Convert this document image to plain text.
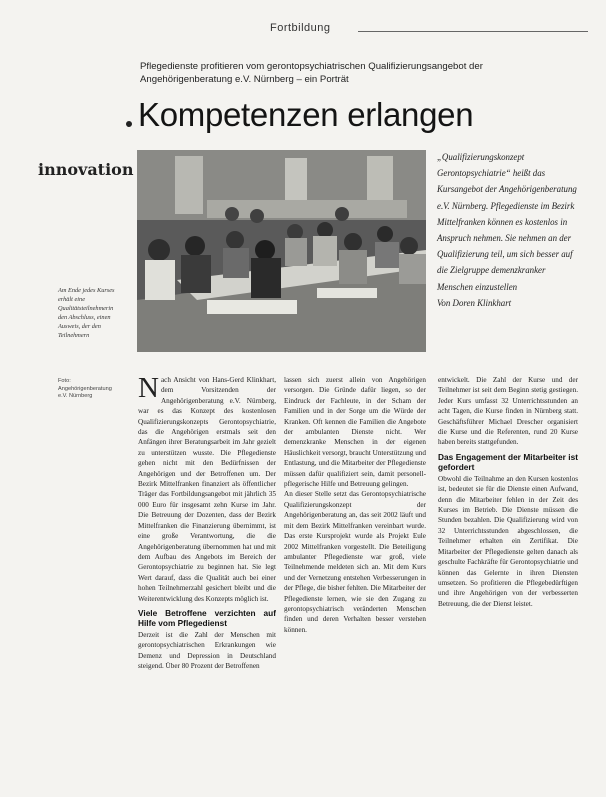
Fortbildung
Pflegedienste profitieren vom gerontopsychiatrischen Qualifizierungsangebot der Angehörigenberatung e.V. Nürnberg – ein Porträt
Kompetenzen erlangen
innovation
Am Ende jedes Kurses erhält eine Qualitätsteilnehmerin den Abschluss, einen Ausweis, der den Teilnehmern
Foto: Angehörigenberatung e.V. Nürnberg
„Qualifizierungskonzept Gerontopsychiatrie“ heißt das Kursangebot der Angehörigenberatung e.V. Nürnberg. Pflegedienste im Bezirk Mittelfranken können es kostenlos in Anspruch nehmen. Sie nehmen an der Qualifizierung teil, um sich besser auf die Zielgruppe demenzkranker Menschen einzustellen
Von Doren Klinkhart

Nach Ansicht von Hans-Gerd Klinkhart, dem Vorsitzenden der Angehörigenberatung e.V. Nürnberg, war es das Konzept des kostenlosen Qualifizierungskonzepts Gerontopsychiatrie, das die Angehörigen erstmals seit den Anfängen ihrer Beratungsarbeit im Jahr gezielt zu unterstützen wusste. Die Pflegedienste gehen nicht mit den Bedürfnissen der Angehörigen und der Betroffenen um. Der Bezirk Mittelfranken finanziert als öffentlicher Träger das Fortbildungsangebot mit jährlich 35 000 Euro für insgesamt zehn Kurse im Jahr. Die Betreuung der Dozenten, dass der Bezirk Mittelfranken die Finanzierung übernimmt, ist eine große Verantwortung, die die Angehörigenberatung übernommen hat und mit dem Aufbau des Angebots im Bereich der Gerontopsychiatrie zu beginnen hat. Sie legt Wert darauf, dass die Qualität auch bei einer hohen Teilnehmerzahl gesichert bleibt und die Weiterentwicklung des Konzepts möglich ist.

Viele Betroffene verzichten auf Hilfe vom Pflegedienst

Derzeit ist die Zahl der Menschen mit gerontopsychiatrischen Erkrankungen wie Demenz und Depression in Deutschland steigend. Über 80 Prozent der Betroffenen

lassen sich zuerst allein von Angehörigen versorgen. Die Gründe dafür liegen, so der Eindruck der Fachleute, in der Scham der Familien und in der Sorge um die Würde der Kranken. Oft kennen die Familien die Angebote der ambulanten Dienste nicht. Wer demenzkranke Menschen in der eigenen Häuslichkeit versorgt, braucht Unterstützung und Entlastung, und die Mitarbeiter der Pflegedienste müssen dafür qualifiziert sein, damit personell-pflegerische Hilfe und Betreuung gelingen.

An dieser Stelle setzt das Gerontopsychiatrische Qualifizierungskonzept der Angehörigenberatung an, das seit 2002 läuft und mit dem Bezirk Mittelfranken vereinbart wurde. Das erste Kursprojekt wurde als Projekt Eule 2002 Mittelfranken vorgestellt. Die Beteiligung ambulanter Pflegedienste war groß, viele Teilnehmende meldeten sich an. Mit dem Kurs und der Vernetzung entstehen Verbesserungen in der Pflege, die bisher fehlten. Die Mitarbeiter der Pflegedienste lernen, wie sie den Zugang zu gerontopsychiatrisch veränderten Menschen finden und deren Verhalten besser verstehen können.

entwickelt. Die Zahl der Kurse und der Teilnehmer ist seit dem Beginn stetig gestiegen. Jeder Kurs umfasst 32 Unterrichtsstunden an acht Tagen, die Kurse finden in Nürnberg statt. Geschäftsführer Michael Drescher organisiert die Kurse und die Referenten, rund 20 Kurse haben bereits stattgefunden.

Das Engagement der Mitarbeiter ist gefordert

Obwohl die Teilnahme an den Kursen kostenlos ist, bedeutet sie für die Dienste einen Aufwand, denn die Mitarbeiter fehlen in der Zeit des Kurses im Betrieb. Die Dienste müssen die Stunden bezahlen. Die Qualifizierung wird von 32 Unterrichtsstunden abgeschlossen, die Teilnehmer erhalten ein Zertifikat. Die Mitarbeiter der Pflegedienste gelten danach als geschulte Fachkräfte für Gerontopsychiatrie und können das Gelernte in ihren Diensten umsetzen. So profitieren die Pflegebedürftigen und ihre Angehörigen von der verbesserten Betreuung, die der Dienst leistet.
